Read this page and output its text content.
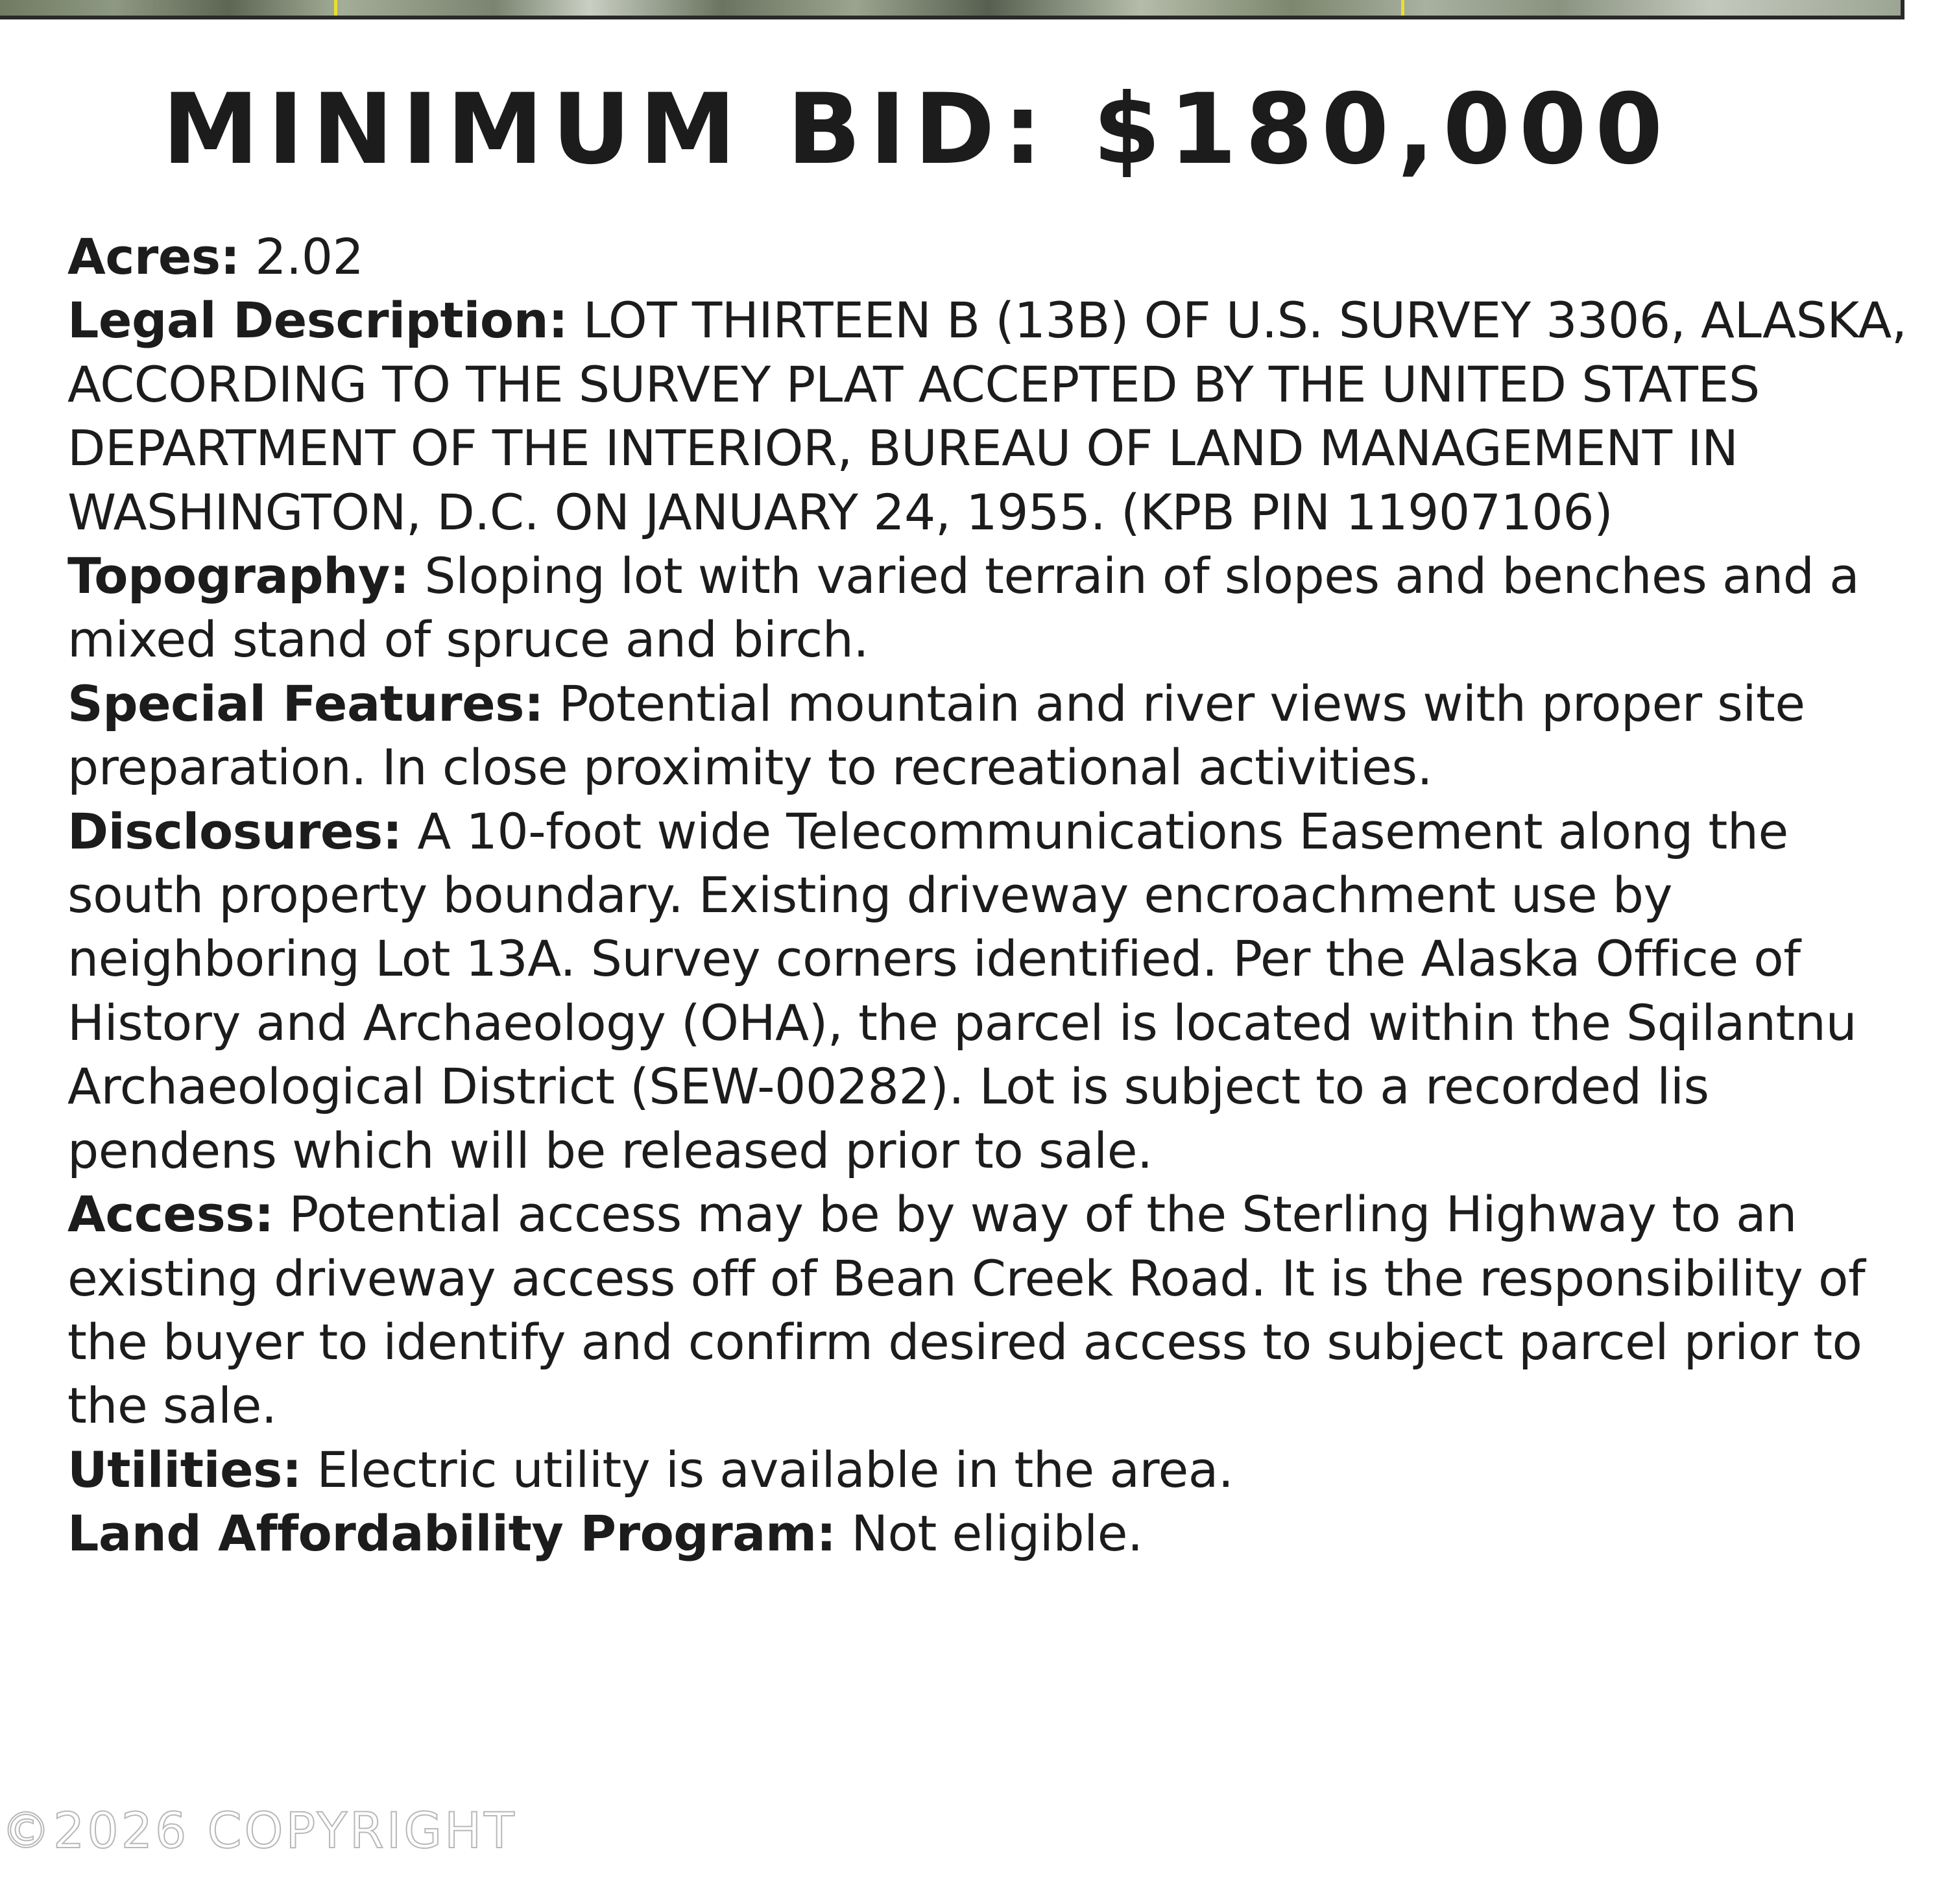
MINIMUM BID: $180,000

Acres: 2.02

Legal Description: LOT THIRTEEN B (13B) OF U.S. SURVEY 3306, ALASKA, ACCORDING TO THE SURVEY PLAT ACCEPTED BY THE UNITED STATES DEPARTMENT OF THE INTERIOR, BUREAU OF LAND MANAGEMENT IN WASHINGTON, D.C. ON JANUARY 24, 1955. (KPB PIN 11907106)

Topography: Sloping lot with varied terrain of slopes and benches and a mixed stand of spruce and birch.

Special Features: Potential mountain and river views with proper site preparation. In close proximity to recreational activities.

Disclosures: A 10-foot wide Telecommunications Easement along the south property boundary. Existing driveway encroachment use by neighboring Lot 13A. Survey corners identified. Per the Alaska Office of History and Archaeology (OHA), the parcel is located within the Sqilantnu Archaeological District (SEW-00282). Lot is subject to a recorded lis pendens which will be released prior to sale.

Access: Potential access may be by way of the Sterling Highway to an existing driveway access off of Bean Creek Road. It is the responsibility of the buyer to identify and confirm desired access to subject parcel prior to the sale.

Utilities: Electric utility is available in the area.

Land Affordability Program: Not eligible.

©2026 COPYRIGHT
